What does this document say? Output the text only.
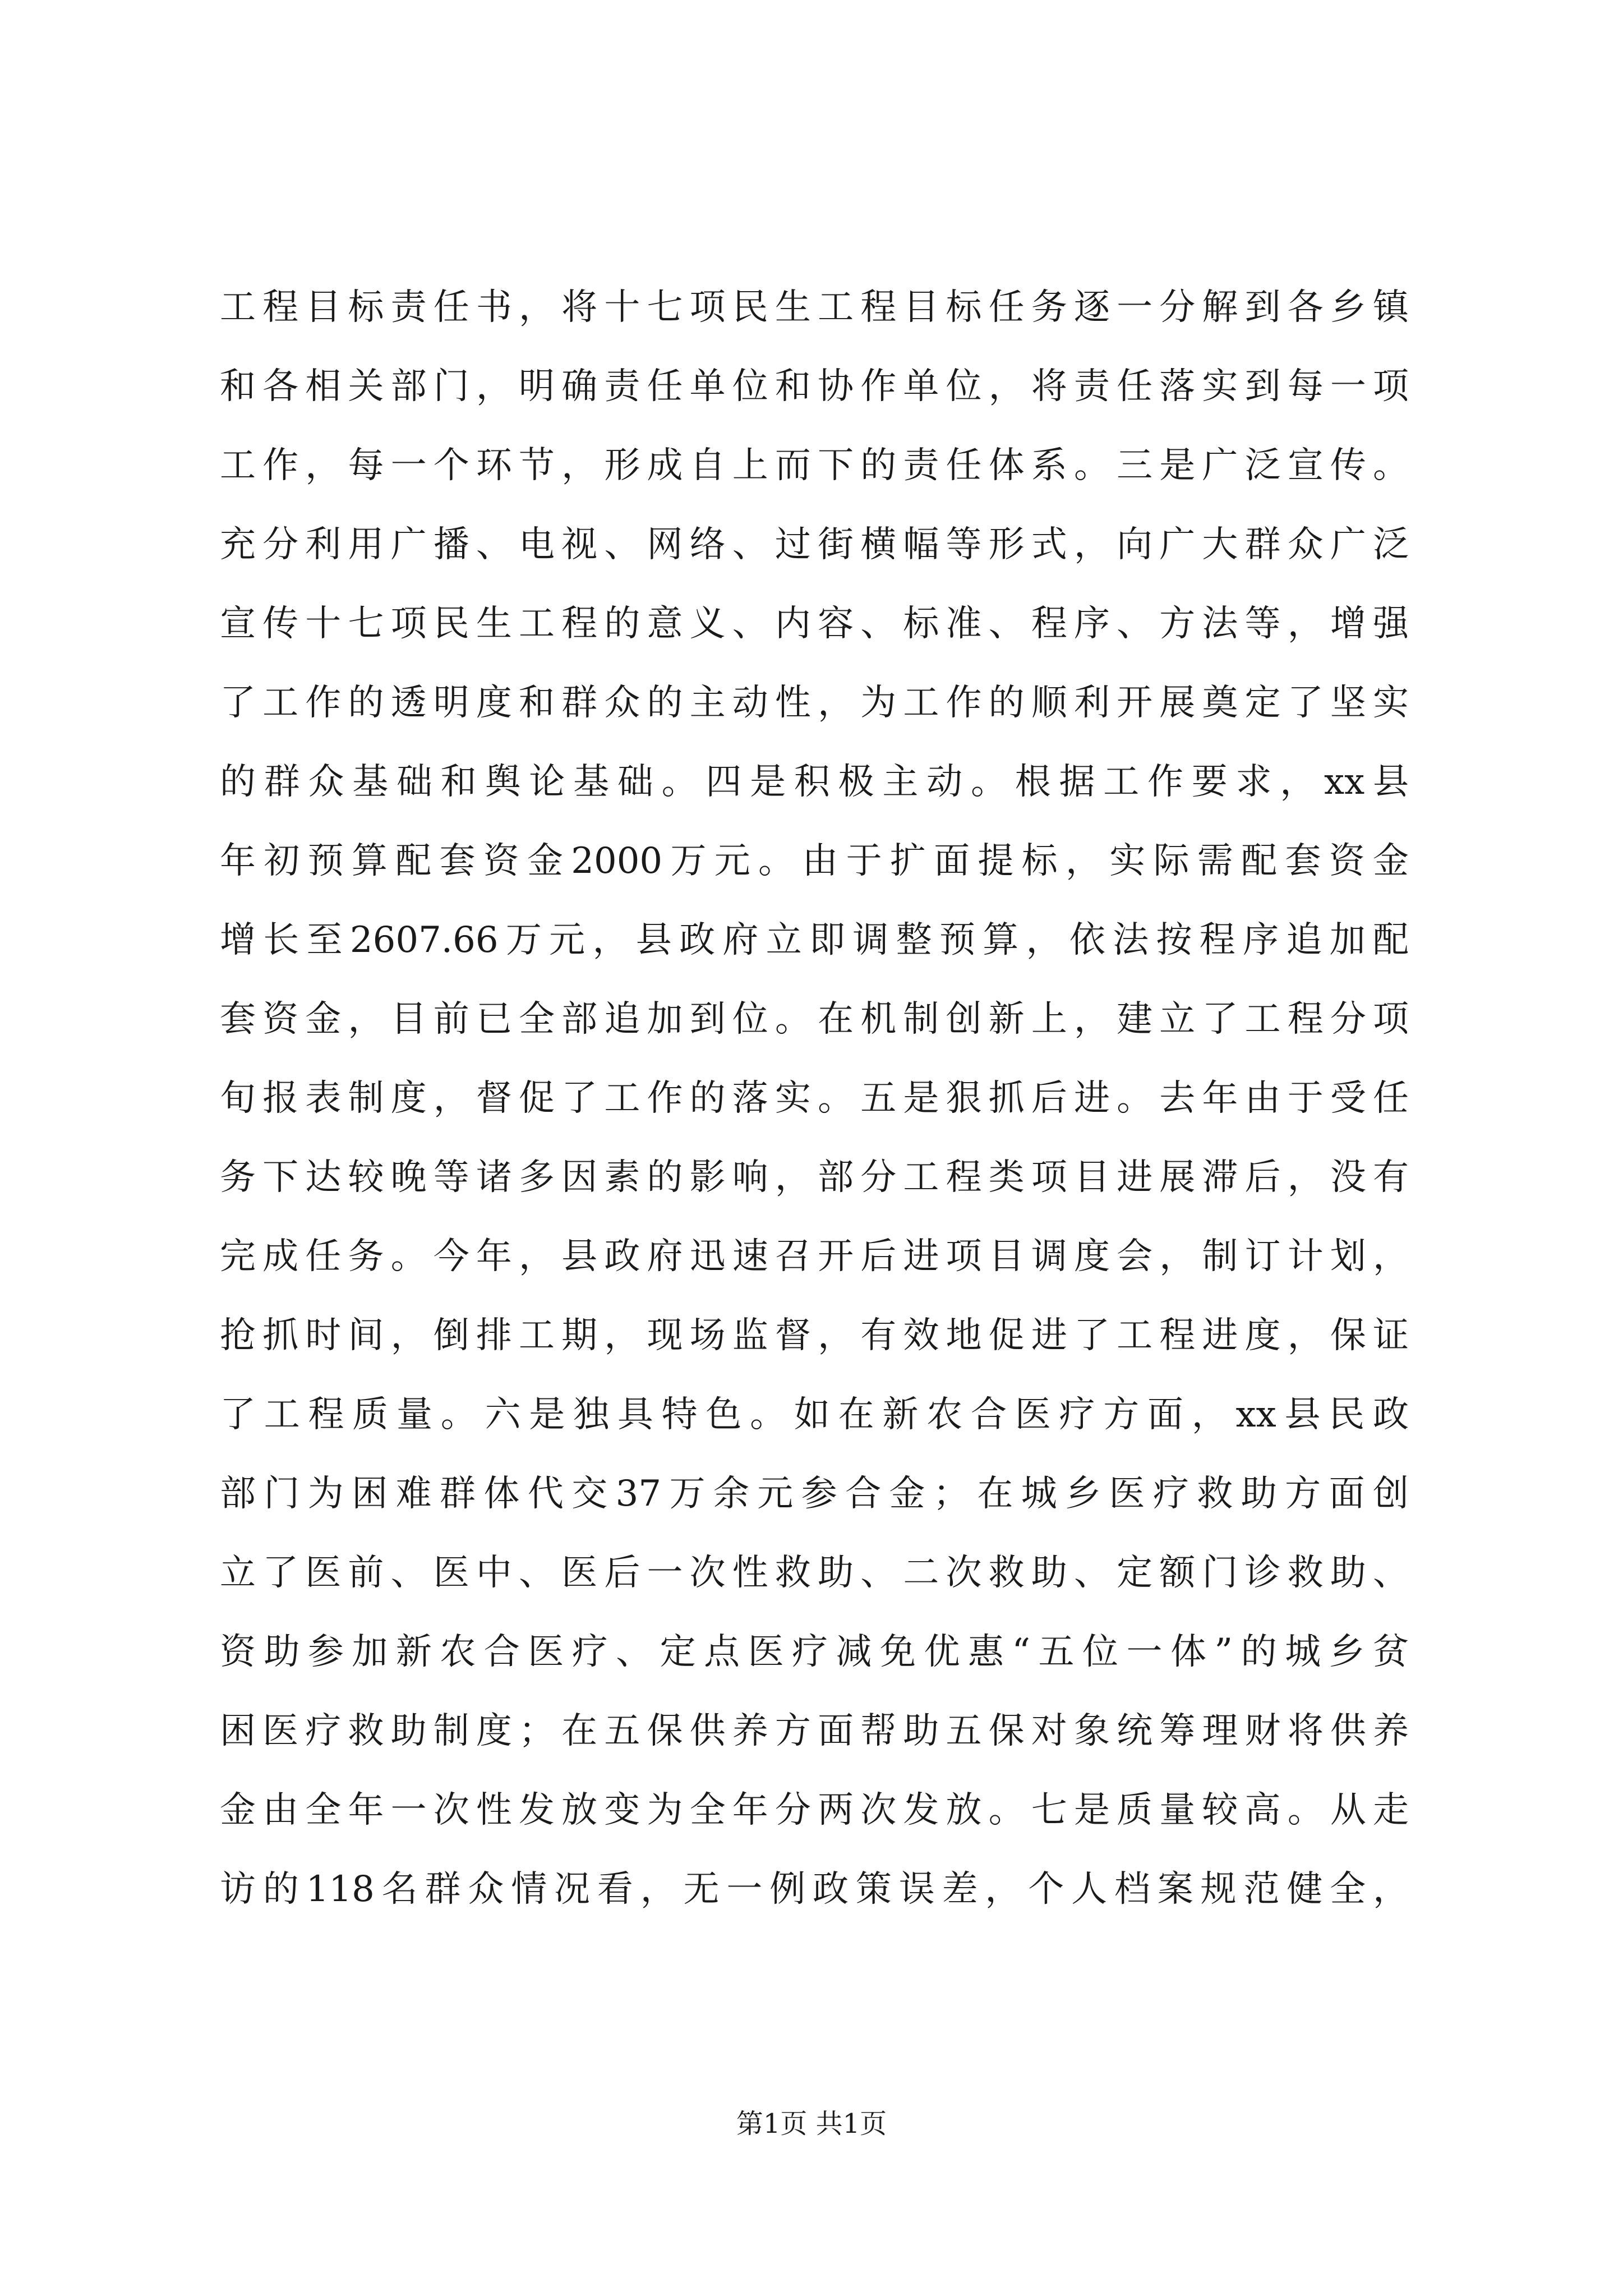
工程目标责任书，将十七项民生工程目标任务逐一分解到各乡镇
和各相关部门，明确责任单位和协作单位，将责任落实到每一项
工作，每一个环节，形成自上而下的责任体系。三是广泛宣传。
充分利用广播、电视、网络、过街横幅等形式，向广大群众广泛
宣传十七项民生工程的意义、内容、标准、程序、方法等，增强
了工作的透明度和群众的主动性，为工作的顺利开展奠定了坚实
的群众基础和舆论基础。四是积极主动。根据工作要求，xx县
年初预算配套资金2000万元。由于扩面提标，实际需配套资金
增长至2607.66万元，县政府立即调整预算，依法按程序追加配
套资金，目前已全部追加到位。在机制创新上，建立了工程分项
旬报表制度，督促了工作的落实。五是狠抓后进。去年由于受任
务下达较晚等诸多因素的影响，部分工程类项目进展滞后，没有
完成任务。今年，县政府迅速召开后进项目调度会，制订计划，
抢抓时间，倒排工期，现场监督，有效地促进了工程进度，保证
了工程质量。六是独具特色。如在新农合医疗方面，xx县民政
部门为困难群体代交37万余元参合金；在城乡医疗救助方面创
立了医前、医中、医后一次性救助、二次救助、定额门诊救助、
资助参加新农合医疗、定点医疗减免优惠“五位一体”的城乡贫
困医疗救助制度；在五保供养方面帮助五保对象统筹理财将供养
金由全年一次性发放变为全年分两次发放。七是质量较高。从走
访的118名群众情况看，无一例政策误差，个人档案规范健全，
第1页 共1页
